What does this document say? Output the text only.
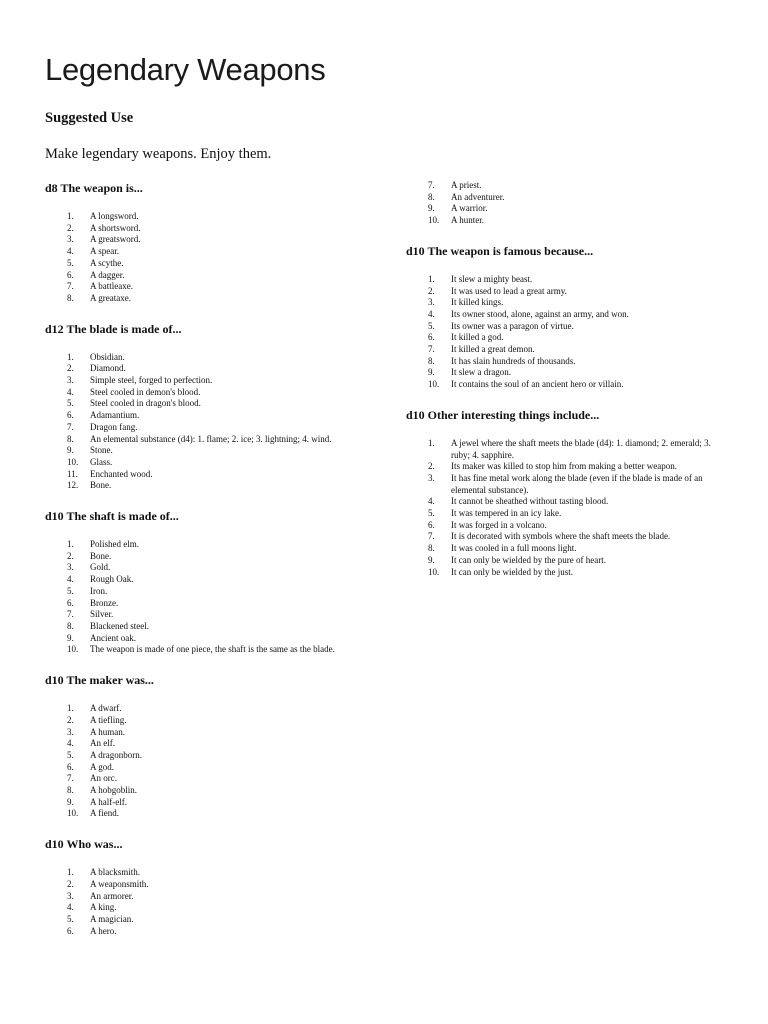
Legendary Weapons
Suggested Use

Make legendary weapons. Enjoy them.

d8 The weapon is...
1.	A longsword.
2.	A shortsword.
3.	A greatsword.
4.	A spear.
5.	A scythe.
6.	A dagger.
7.	A battleaxe.
8.	A greataxe.
d12 The blade is made of...
1.	Obsidian.
2.	Diamond.
3.	Simple steel, forged to perfection.
4.	Steel cooled in demon's blood.
5.	Steel cooled in dragon's blood.
6.	Adamantium.
7.	Dragon fang.
8.	An elemental substance (d4): 1. flame; 2. ice; 3. lightning; 4. wind.
9.	Stone.
10.	Glass.
11.	Enchanted wood.
12.	Bone.
d10 The shaft is made of...
1.	Polished elm.
2.	Bone.
3.	Gold.
4.	Rough Oak.
5.	Iron.
6.	Bronze.
7.	Silver.
8.	Blackened steel.
9.	Ancient oak.
10.	The weapon is made of one piece, the shaft is the same as the blade.
d10 The maker was...
1.	A dwarf.
2.	A tiefling.
3.	A human.
4.	An elf.
5.	A dragonborn.
6.	A god.
7.	An orc.
8.	A hobgoblin.
9.	A half-elf.
10.	A fiend.
d10 Who was...
1.	A blacksmith.
2.	A weaponsmith.
3.	An armorer.
4.	A king.
5.	A magician.
6.	A hero.
7.	A priest.
8.	An adventurer.
9.	A warrior.
10.	A hunter.
d10 The weapon is famous because...
1.	It slew a mighty beast.
2.	It was used to lead a great army.
3.	It killed kings.
4.	Its owner stood, alone, against an army, and won.
5.	Its owner was a paragon of virtue.
6.	It killed a god.
7.	It killed a great demon.
8.	It has slain hundreds of thousands.
9.	It slew a dragon.
10.	It contains the soul of an ancient hero or villain.
d10 Other interesting things include...
1.	A jewel where the shaft meets the blade (d4): 1. diamond; 2. emerald; 3. ruby; 4. sapphire.
2.	Its maker was killed to stop him from making a better weapon.
3.	It has fine metal work along the blade (even if the blade is made of an elemental substance).
4.	It cannot be sheathed without tasting blood.
5.	It was tempered in an icy lake.
6.	It was forged in a volcano.
7.	It is decorated with symbols where the shaft meets the blade.
8.	It was cooled in a full moons light.
9.	It can only be wielded by the pure of heart.
10.	It can only be wielded by the just.
